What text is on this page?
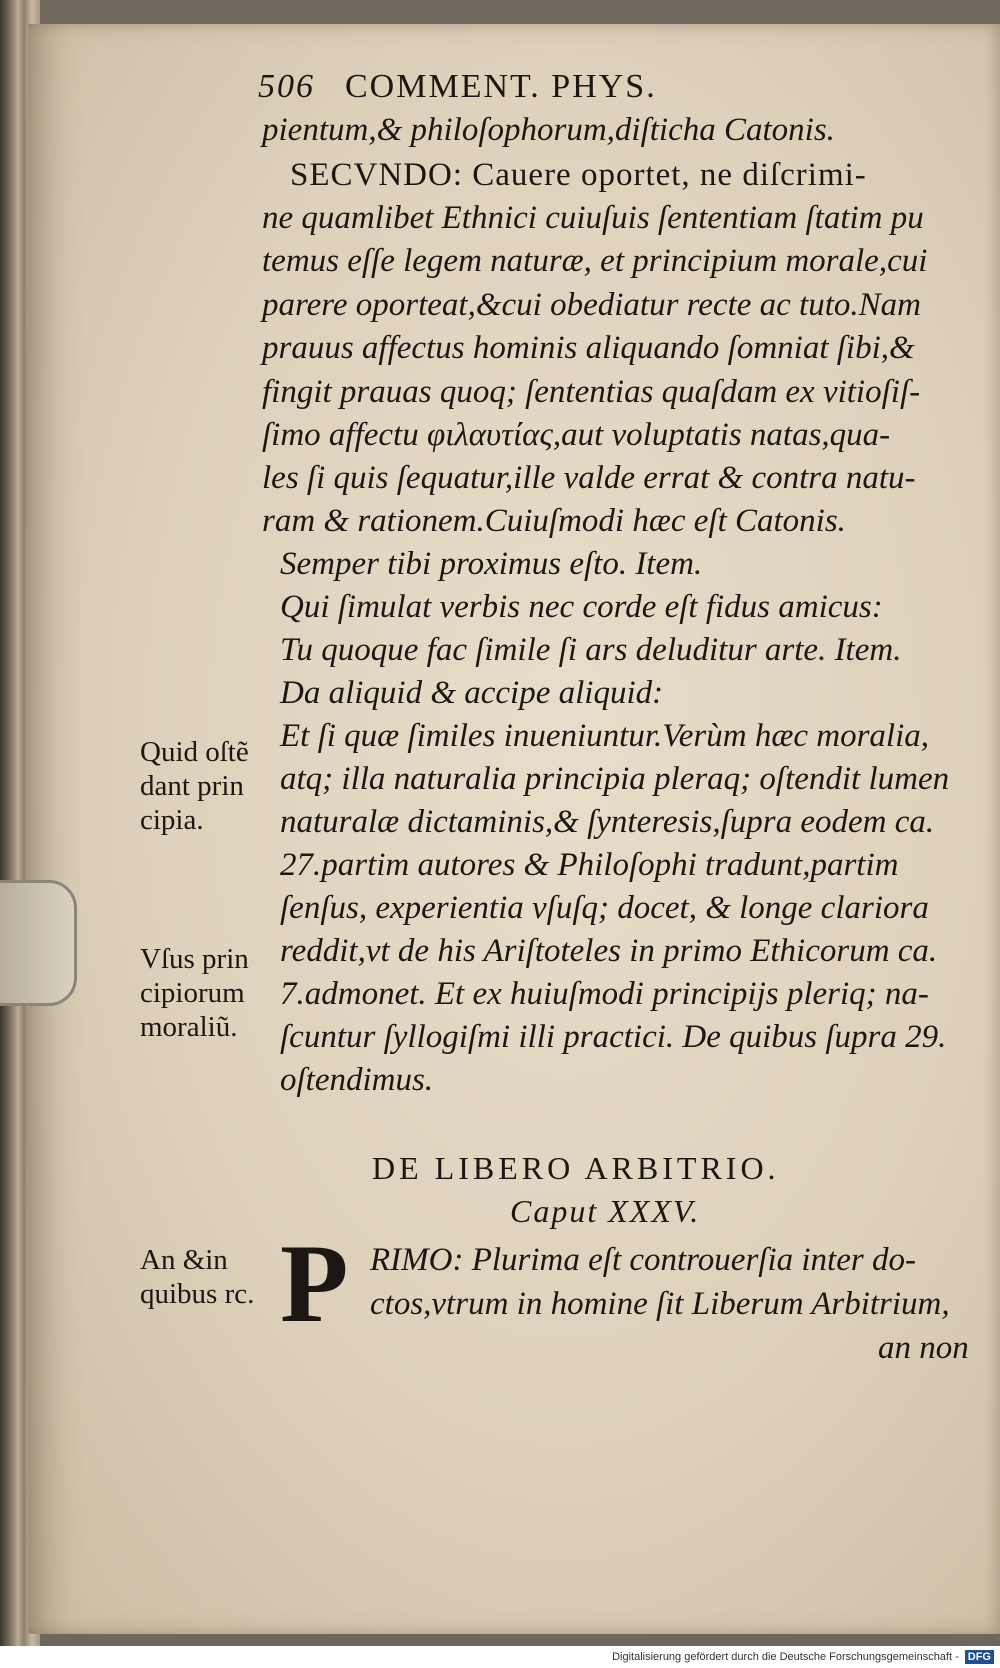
506 COMMENT. PHYS.
pientum,& philoſophorum,diſticha Catonis.
SECVNDO: Cauere oportet, ne diſcrimi-
ne quamlibet Ethnici cuiuſuis ſententiam ſtatim pu
temus eſſe legem naturæ, et principium morale,cui
parere oporteat,&cui obediatur recte ac tuto.Nam
prauus affectus hominis aliquando ſomniat ſibi,&
fingit prauas quoq; ſententias quaſdam ex vitioſiſ-
ſimo affectu φιλαυτίας,aut voluptatis natas,qua-
les ſi quis ſequatur,ille valde errat & contra natu-
ram & rationem.Cuiuſmodi hæc eſt Catonis.
Semper tibi proximus eſto. Item.
Qui ſimulat verbis nec corde eſt fidus amicus:
Tu quoque fac ſimile ſi ars deluditur arte. Item.
Da aliquid & accipe aliquid:
Et ſi quæ ſimiles inueniuntur.Verùm hæc moralia,
atq; illa naturalia principia pleraq; oſtendit lumen
naturalæ dictaminis,& ſynteresis,ſupra eodem ca.
27.partim autores & Philoſophi tradunt,partim
ſenſus, experientia vſuſq; docet, & longe clariora
reddit,vt de his Ariſtoteles in primo Ethicorum ca.
7.admonet. Et ex huiuſmodi principijs pleriq; na-
ſcuntur ſyllogiſmi illi practici. De quibus ſupra 29.
oſtendimus.
Quid oſtẽ
dant prin
cipia.
Vſus prin
cipiorum
moraliũ.
An &in
quibus rc.
DE LIBERO ARBITRIO.
Caput XXXV.
P RIMO: Plurima eſt controuerſia inter do-
ctos,vtrum in homine ſit Liberum Arbitrium,
an non
Digitalisierung gefördert durch die Deutsche Forschungsgemeinschaft - DFG
